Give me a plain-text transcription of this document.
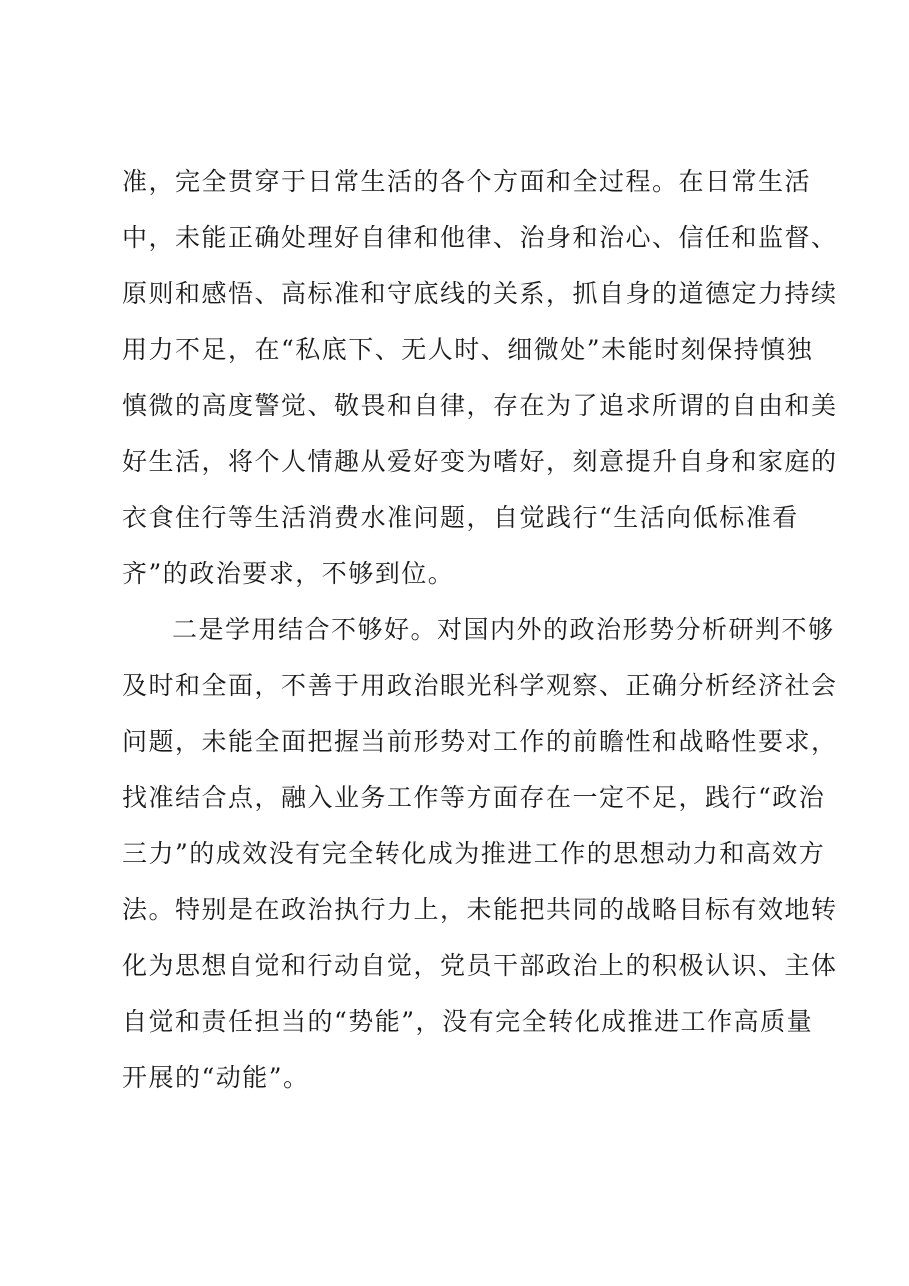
准，完全贯穿于日常生活的各个方面和全过程。在日常生活
中，未能正确处理好自律和他律、治身和治心、信任和监督、
原则和感悟、高标准和守底线的关系，抓自身的道德定力持续
用力不足，在“私底下、无人时、细微处”未能时刻保持慎独
慎微的高度警觉、敬畏和自律，存在为了追求所谓的自由和美
好生活，将个人情趣从爱好变为嗜好，刻意提升自身和家庭的
衣食住行等生活消费水准问题，自觉践行“生活向低标准看
齐”的政治要求，不够到位。
二是学用结合不够好。对国内外的政治形势分析研判不够
及时和全面，不善于用政治眼光科学观察、正确分析经济社会
问题，未能全面把握当前形势对工作的前瞻性和战略性要求，
找准结合点，融入业务工作等方面存在一定不足，践行“政治
三力”的成效没有完全转化成为推进工作的思想动力和高效方
法。特别是在政治执行力上，未能把共同的战略目标有效地转
化为思想自觉和行动自觉，党员干部政治上的积极认识、主体
自觉和责任担当的“势能”，没有完全转化成推进工作高质量
开展的“动能”。
